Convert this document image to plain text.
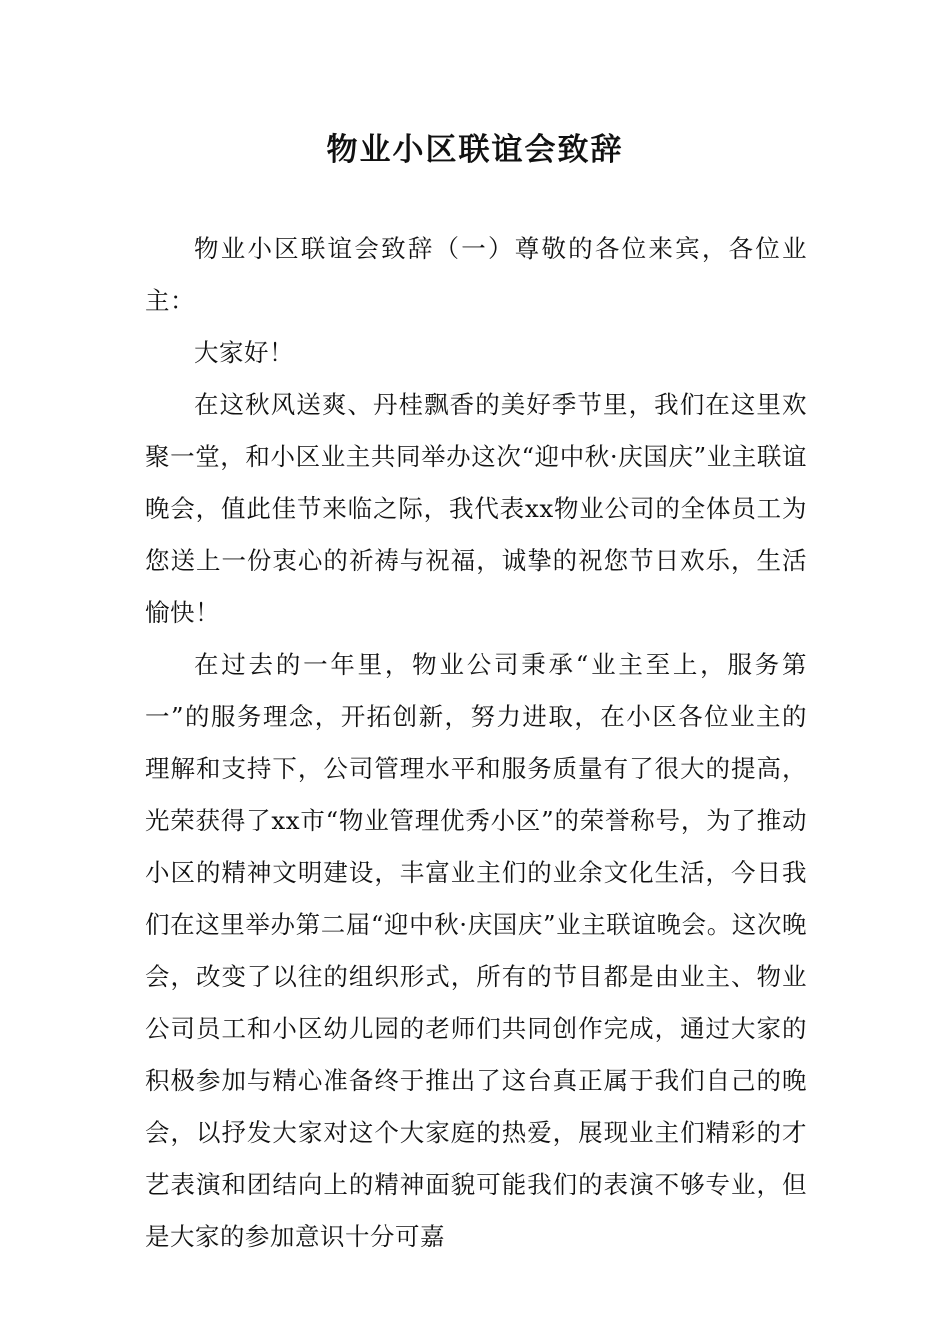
物业小区联谊会致辞

物业小区联谊会致辞（一）尊敬的各位来宾，各位业主：

大家好！

在这秋风送爽、丹桂飘香的美好季节里，我们在这里欢聚一堂，和小区业主共同举办这次“迎中秋·庆国庆”业主联谊晚会，值此佳节来临之际，我代表xx物业公司的全体员工为您送上一份衷心的祈祷与祝福，诚挚的祝您节日欢乐，生活愉快！

在过去的一年里，物业公司秉承“业主至上，服务第一”的服务理念，开拓创新，努力进取，在小区各位业主的理解和支持下，公司管理水平和服务质量有了很大的提高，光荣获得了xx市“物业管理优秀小区”的荣誉称号，为了推动小区的精神文明建设，丰富业主们的业余文化生活，今日我们在这里举办第二届“迎中秋·庆国庆”业主联谊晚会。这次晚会，改变了以往的组织形式，所有的节目都是由业主、物业公司员工和小区幼儿园的老师们共同创作完成，通过大家的积极参加与精心准备终于推出了这台真正属于我们自己的晚会，以抒发大家对这个大家庭的热爱，展现业主们精彩的才艺表演和团结向上的精神面貌可能我们的表演不够专业，但是大家的参加意识十分可嘉
